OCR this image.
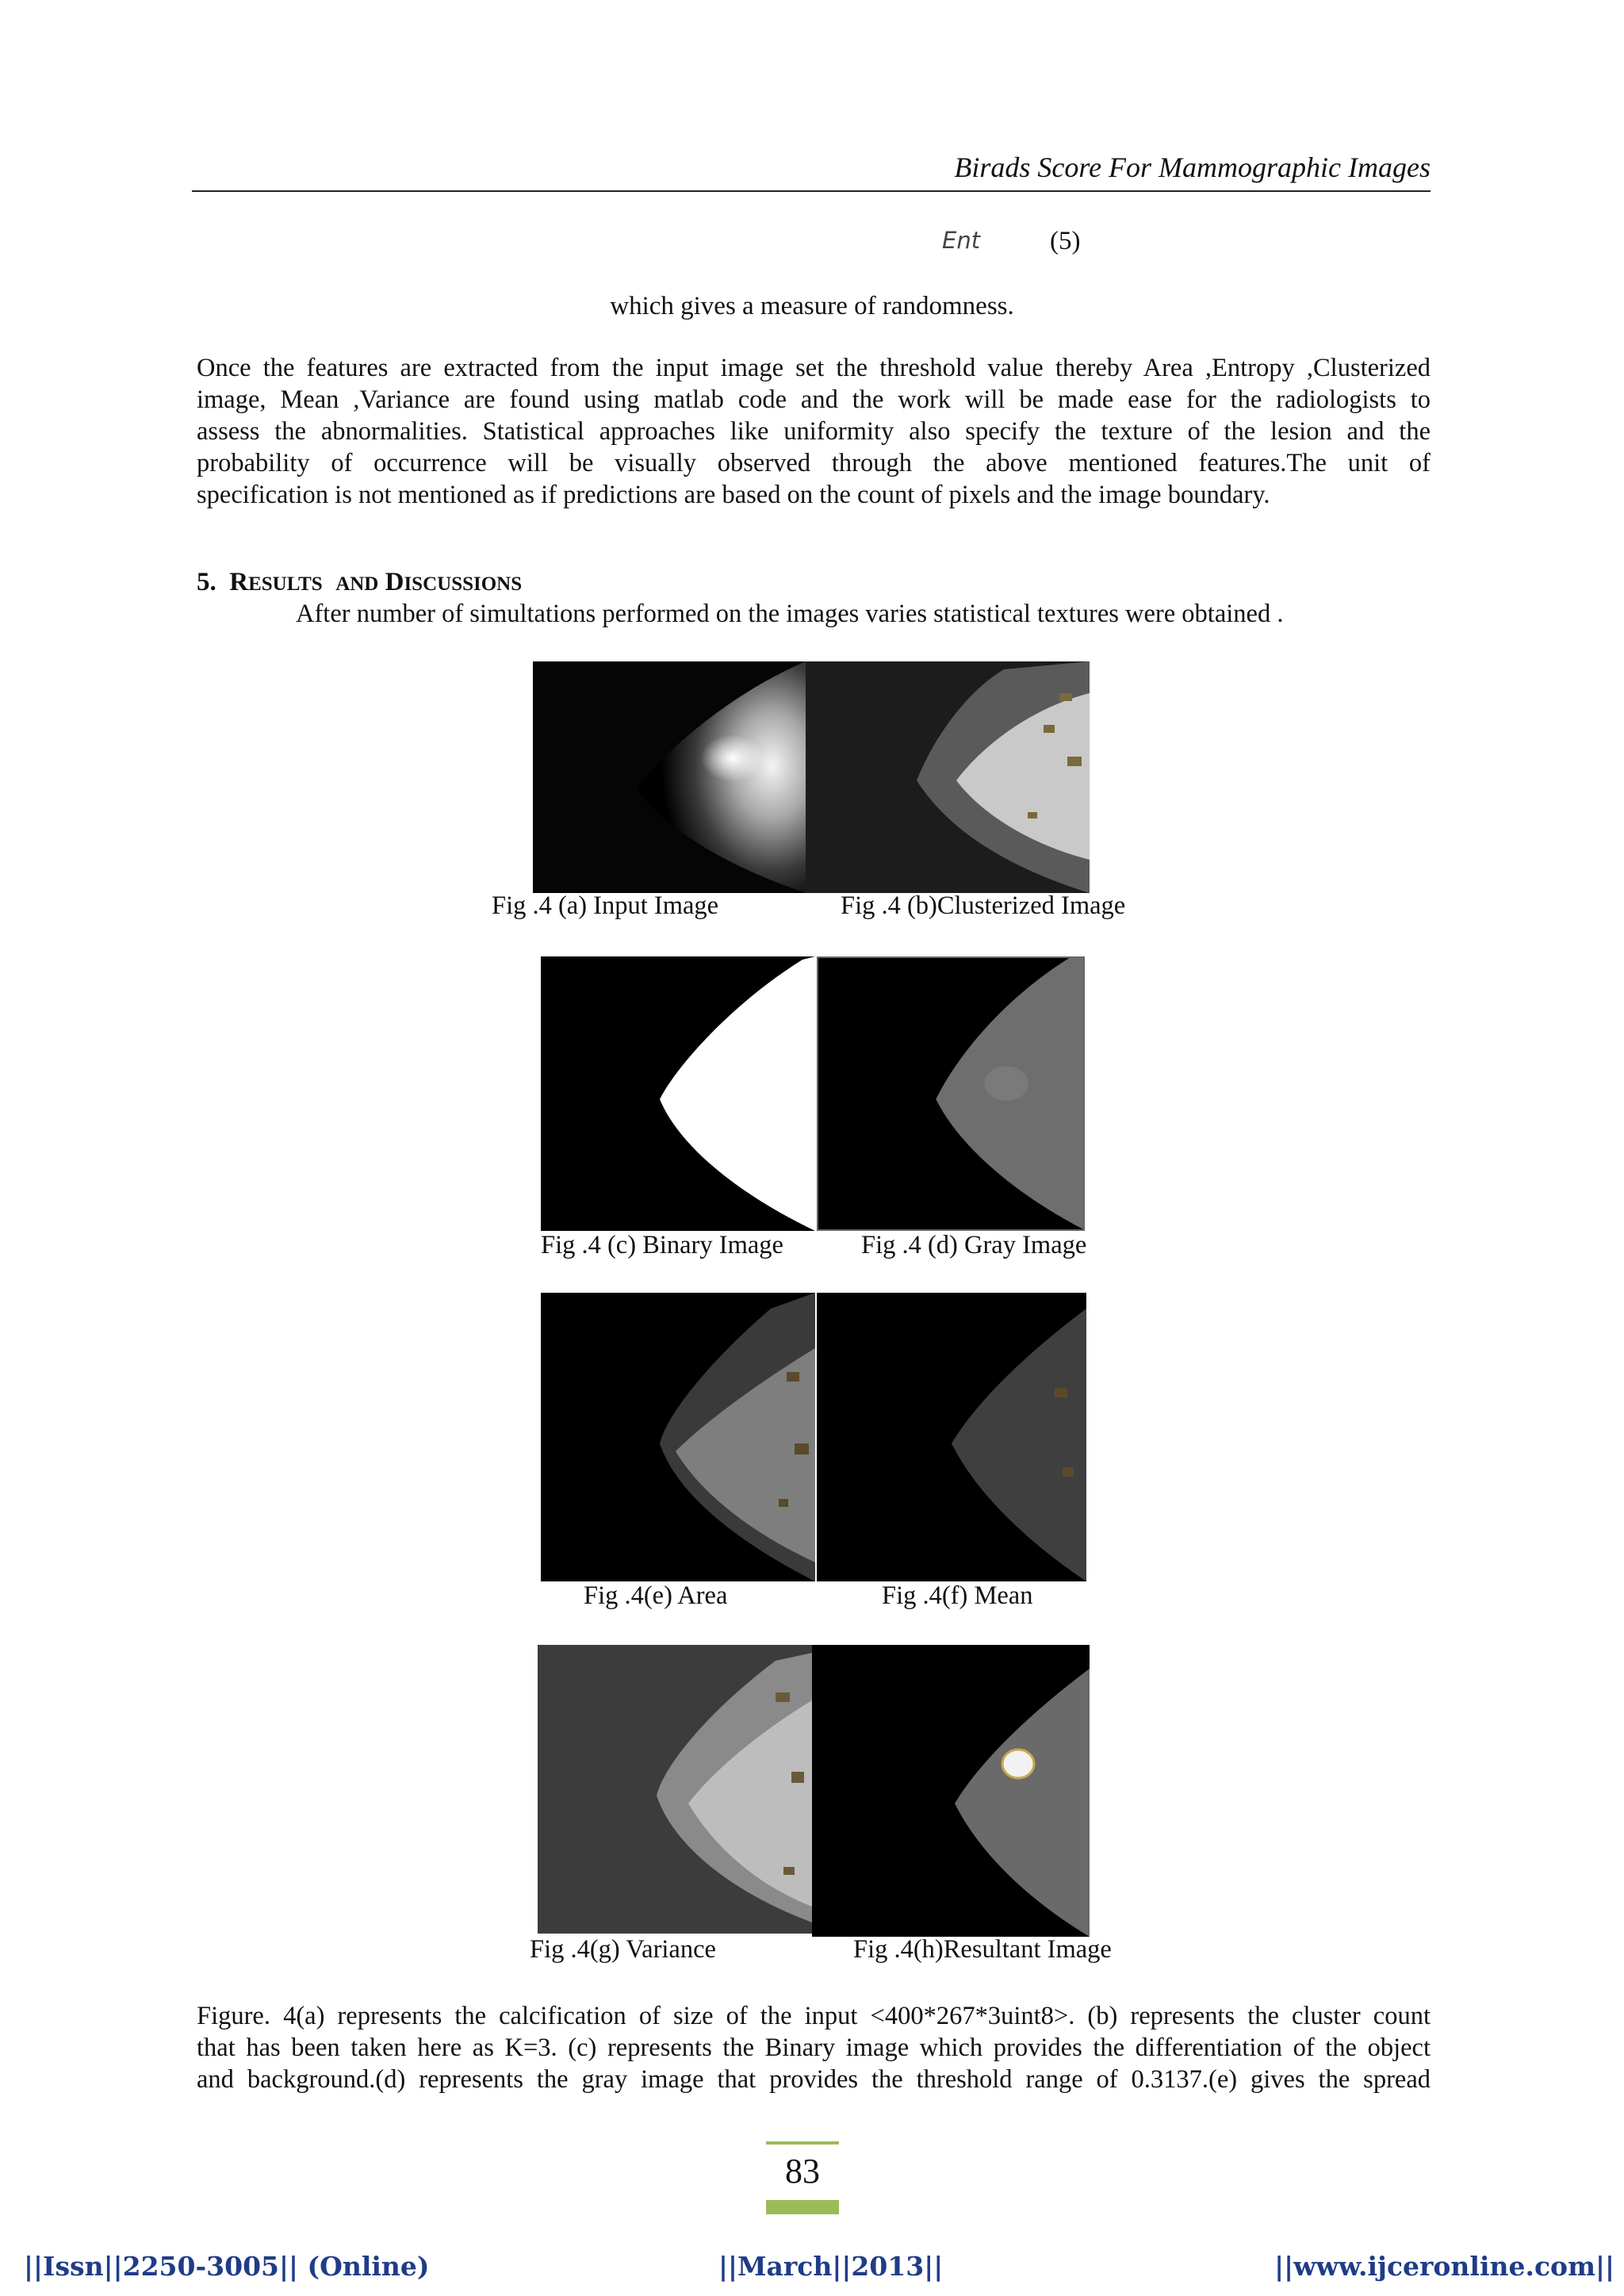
Birads Score For Mammographic Images
Ent	(5)
which gives a measure of randomness.
Once the features are extracted from the input image set the threshold value thereby Area ,Entropy ,Clusterized
image, Mean ,Variance are found using matlab code and the work will be made ease for the radiologists to
assess the abnormalities. Statistical approaches like uniformity also specify the texture of the lesion and the
probability of occurrence will be visually observed through the above mentioned features.The unit of
specification is not mentioned as if predictions are based on the count of pixels and the image boundary.
5. RESULTS AND DISCUSSIONS
After number of simultations performed on the images varies statistical textures were obtained .
Fig .4 (a) Input Image	Fig .4 (b)Clusterized Image
Fig .4 (c) Binary Image	Fig .4 (d) Gray Image
Fig .4(e) Area	Fig .4(f) Mean
Fig .4(g) Variance	Fig .4(h)Resultant Image
Figure. 4(a) represents the calcification of size of the input <400*267*3uint8>. (b) represents the cluster count
that has been taken here as K=3. (c) represents the Binary image which provides the differentiation of the object
and background.(d) represents the gray image that provides the threshold range of 0.3137.(e) gives the spread
83
||Issn||2250-3005|| (Online)	||March||2013||	||www.ijceronline.com||
